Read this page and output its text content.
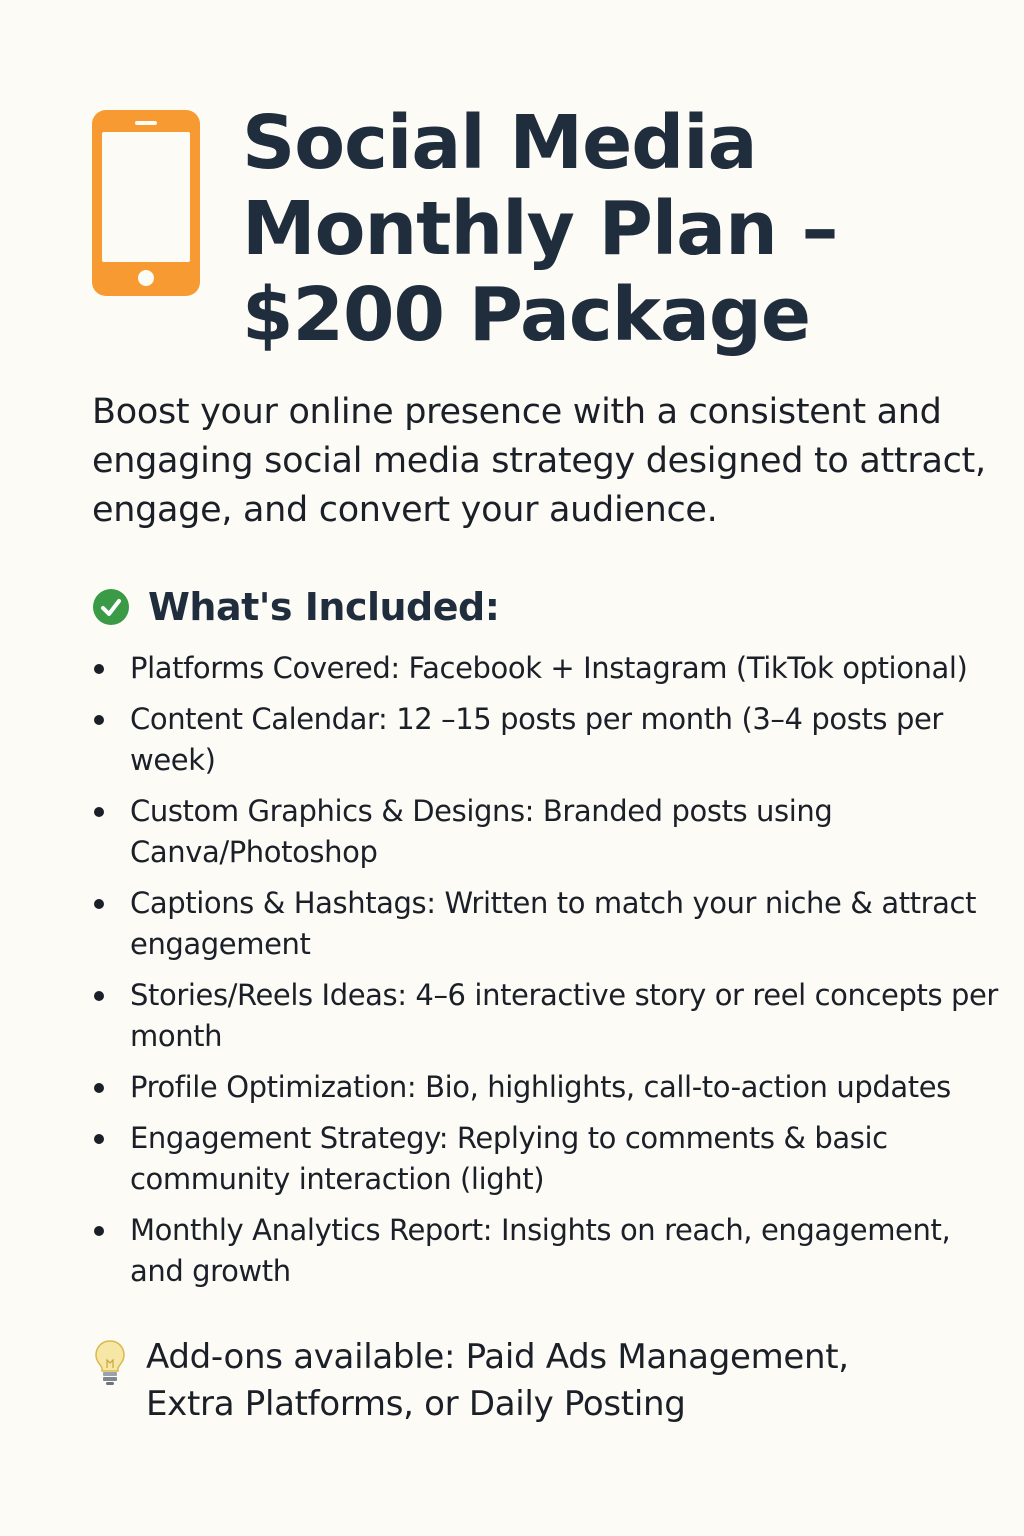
Social Media
Monthly Plan –
$200 Package

Boost your online presence with a consistent and engaging social media strategy designed to attract, engage, and convert your audience.

What's Included:
Platforms Covered: Facebook + Instagram (TikTok optional)
Content Calendar: 12 –15 posts per month (3–4 posts per week)
Custom Graphics & Designs: Branded posts using Canva/Photoshop
Captions & Hashtags: Written to match your niche & attract engagement
Stories/Reels Ideas: 4–6 interactive story or reel concepts per month
Profile Optimization: Bio, highlights, call-to-action updates
Engagement Strategy: Replying to comments & basic community interaction (light)
Monthly Analytics Report: Insights on reach, engagement, and growth
Add-ons available: Paid Ads Management,
Extra Platforms, or Daily Posting
